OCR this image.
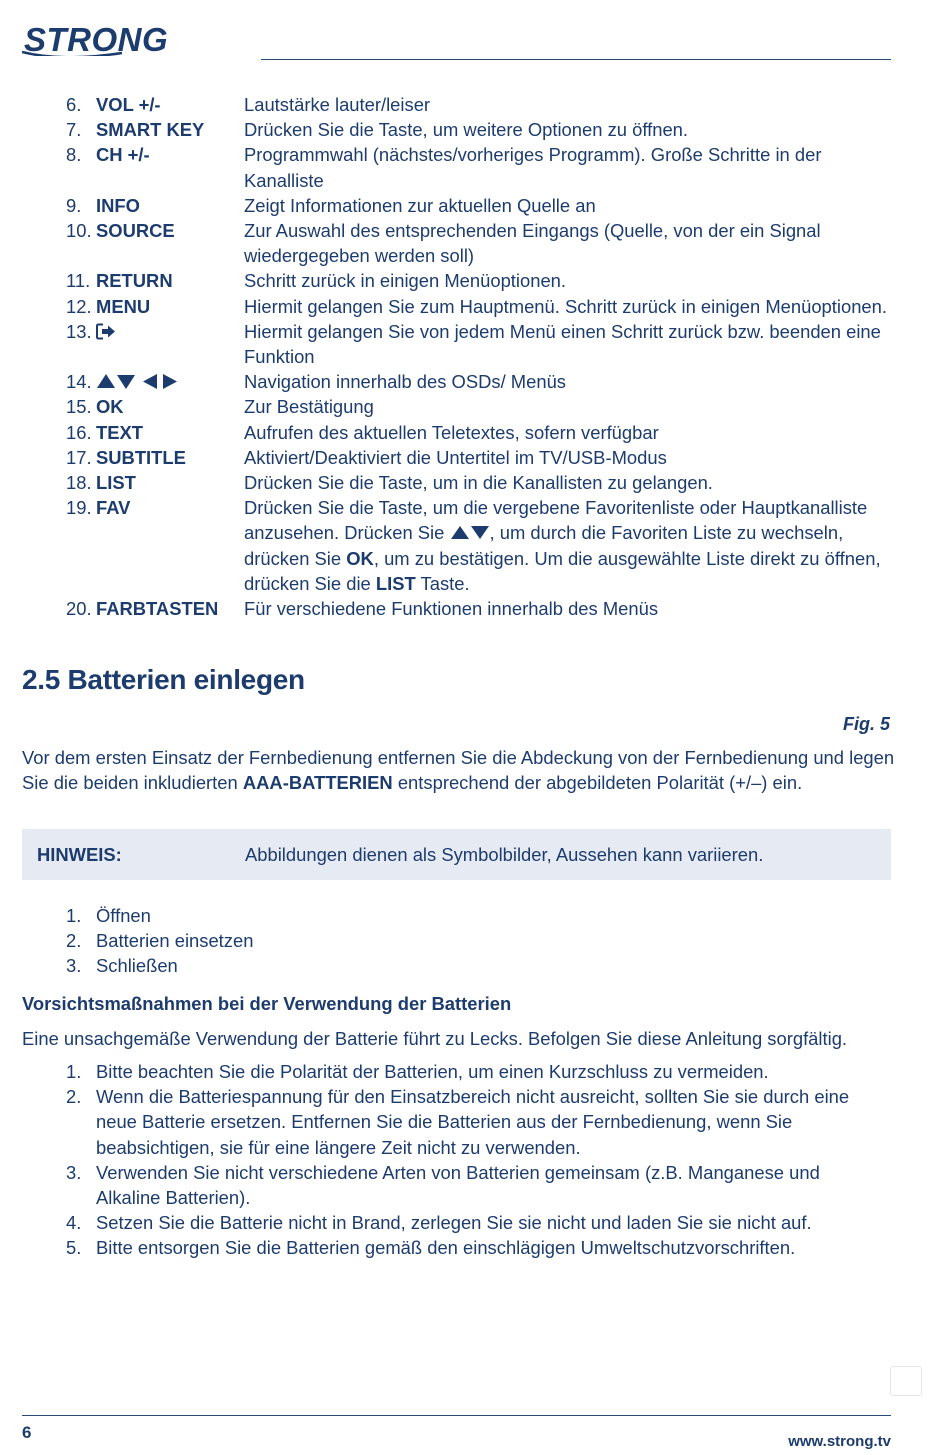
STRONG
6. VOL +/-	Lautstärke lauter/leiser
7. SMART KEY	Drücken Sie die Taste, um weitere Optionen zu öffnen.
8. CH +/-	Programmwahl (nächstes/vorheriges Programm). Große Schritte in der Kanalliste
9. INFO	Zeigt Informationen zur aktuellen Quelle an
10. SOURCE	Zur Auswahl des entsprechenden Eingangs (Quelle, von der ein Signal wiedergegeben werden soll)
11. RETURN	Schritt zurück in einigen Menüoptionen.
12. MENU	Hiermit gelangen Sie zum Hauptmenü. Schritt zurück in einigen Menüoptionen.
13.	Hiermit gelangen Sie von jedem Menü einen Schritt zurück bzw. beenden eine Funktion
14.	Navigation innerhalb des OSDs/ Menüs
15. OK	Zur Bestätigung
16. TEXT	Aufrufen des aktuellen Teletextes, sofern verfügbar
17. SUBTITLE	Aktiviert/Deaktiviert die Untertitel im TV/USB-Modus
18. LIST	Drücken Sie die Taste, um in die Kanallisten zu gelangen.
19. FAV	Drücken Sie die Taste, um die vergebene Favoritenliste oder Hauptkanalliste anzusehen. Drücken Sie , um durch die Favoriten Liste zu wechseln, drücken Sie OK, um zu bestätigen. Um die ausgewählte Liste direkt zu öffnen, drücken Sie die LIST Taste.
20. FARBTASTEN	Für verschiedene Funktionen innerhalb des Menüs
2.5 Batterien einlegen
Fig. 5

Vor dem ersten Einsatz der Fernbedienung entfernen Sie die Abdeckung von der Fernbedienung und legen Sie die beiden inkludierten AAA-BATTERIEN entsprechend der abgebildeten Polarität (+/–) ein.

HINWEIS:	Abbildungen dienen als Symbolbilder, Aussehen kann variieren.
1. Öffnen
2. Batterien einsetzen
3. Schließen
Vorsichtsmaßnahmen bei der Verwendung der Batterien

Eine unsachgemäße Verwendung der Batterie führt zu Lecks. Befolgen Sie diese Anleitung sorgfältig.

1. Bitte beachten Sie die Polarität der Batterien, um einen Kurzschluss zu vermeiden.
2. Wenn die Batteriespannung für den Einsatzbereich nicht ausreicht, sollten Sie sie durch eine neue Batterie ersetzen. Entfernen Sie die Batterien aus der Fernbedienung, wenn Sie beabsichtigen, sie für eine längere Zeit nicht zu verwenden.
3. Verwenden Sie nicht verschiedene Arten von Batterien gemeinsam (z.B. Manganese und Alkaline Batterien).
4. Setzen Sie die Batterie nicht in Brand, zerlegen Sie sie nicht und laden Sie sie nicht auf.
5. Bitte entsorgen Sie die Batterien gemäß den einschlägigen Umweltschutzvorschriften.
6	www.strong.tv
